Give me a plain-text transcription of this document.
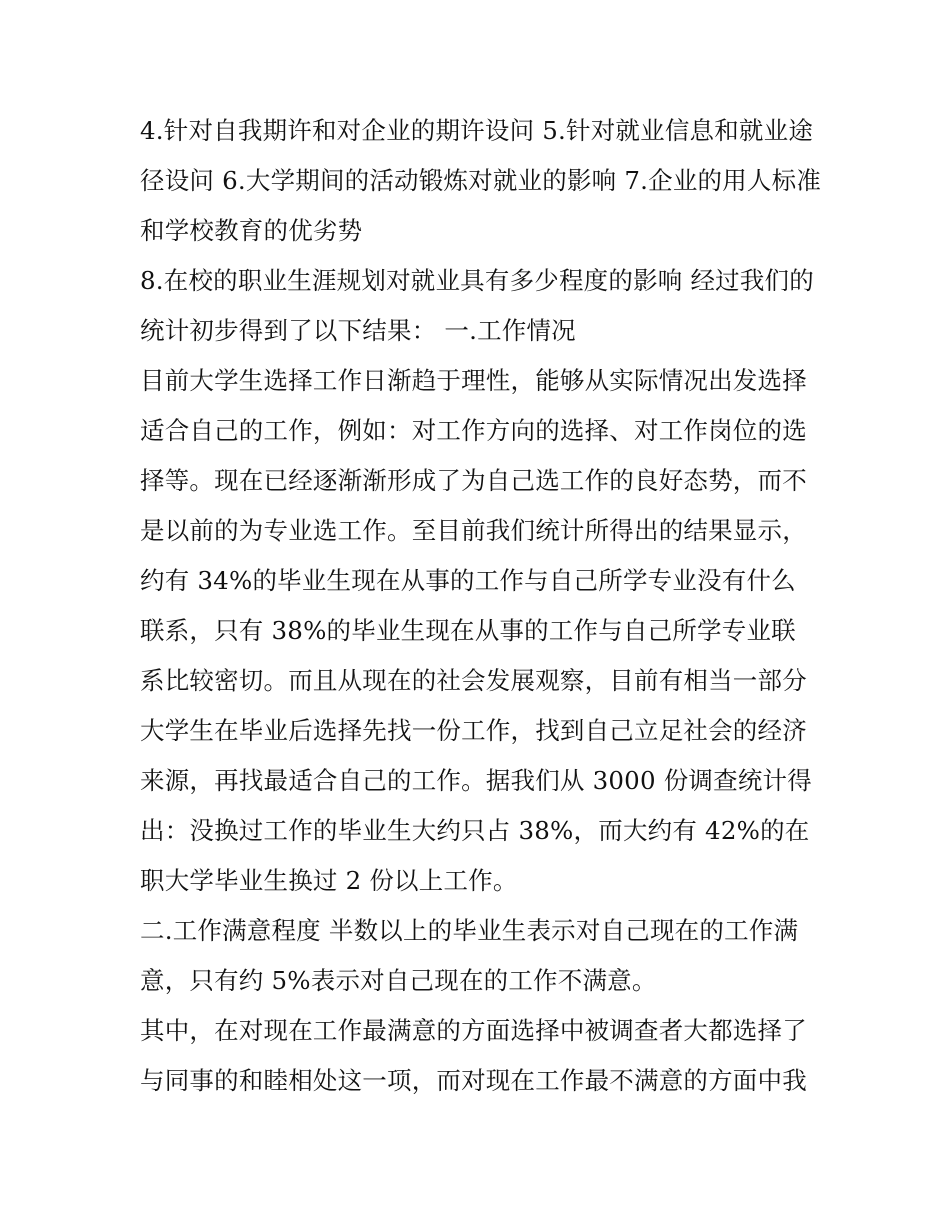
4.针对自我期许和对企业的期许设问 5.针对就业信息和就业途
径设问 6.大学期间的活动锻炼对就业的影响 7.企业的用人标准
和学校教育的优劣势
8.在校的职业生涯规划对就业具有多少程度的影响 经过我们的
统计初步得到了以下结果： 一.工作情况
目前大学生选择工作日渐趋于理性，能够从实际情况出发选择
适合自己的工作，例如：对工作方向的选择、对工作岗位的选
择等。现在已经逐渐渐形成了为自己选工作的良好态势，而不
是以前的为专业选工作。至目前我们统计所得出的结果显示，
约有 34%的毕业生现在从事的工作与自己所学专业没有什么
联系，只有 38%的毕业生现在从事的工作与自己所学专业联
系比较密切。而且从现在的社会发展观察，目前有相当一部分
大学生在毕业后选择先找一份工作，找到自己立足社会的经济
来源，再找最适合自己的工作。据我们从 3000 份调查统计得
出：没换过工作的毕业生大约只占 38%，而大约有 42%的在
职大学毕业生换过 2 份以上工作。
二.工作满意程度 半数以上的毕业生表示对自己现在的工作满
意，只有约 5%表示对自己现在的工作不满意。
其中，在对现在工作最满意的方面选择中被调查者大都选择了
与同事的和睦相处这一项，而对现在工作最不满意的方面中我
